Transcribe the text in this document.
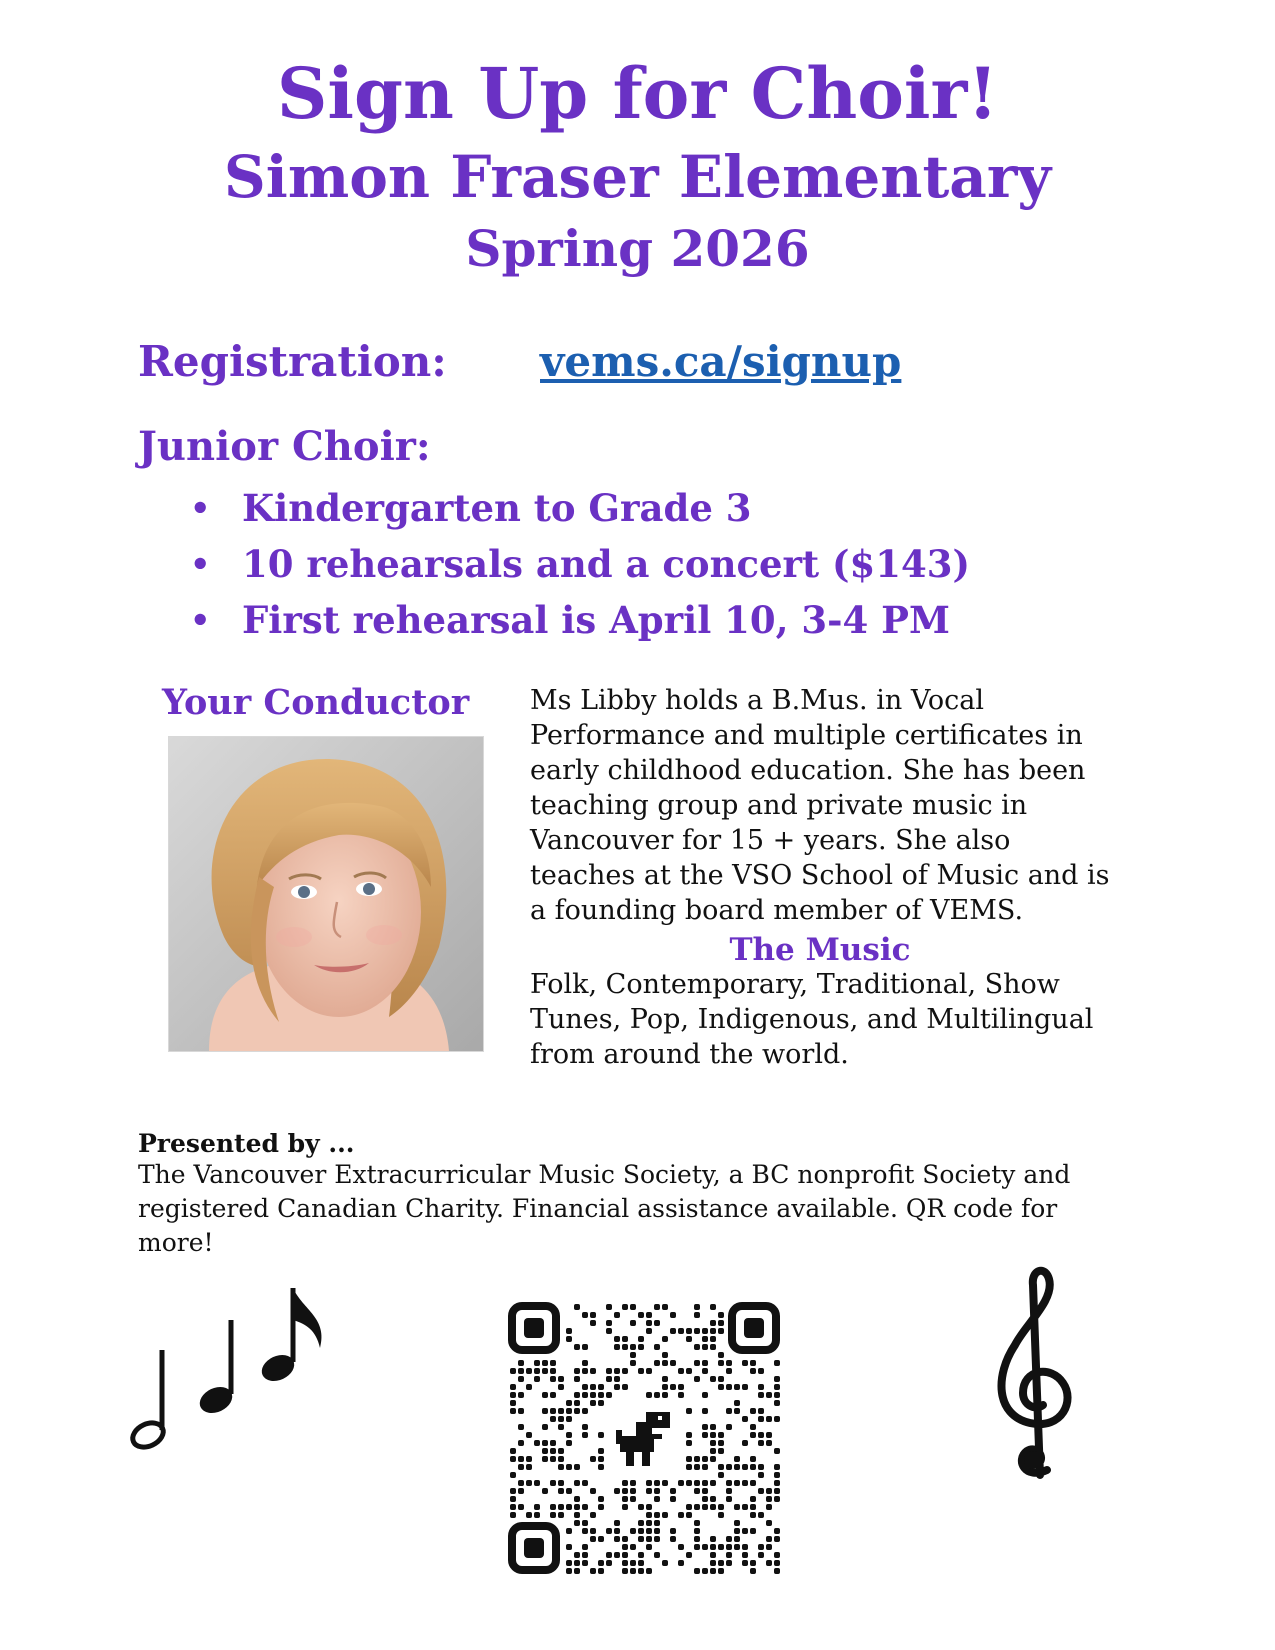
Sign Up for Choir!
Simon Fraser Elementary
Spring 2026
Registration: vems.ca/signup
Junior Choir:
• Kindergarten to Grade 3
• 10 rehearsals and a concert ($143)
• First rehearsal is April 10, 3-4 PM
Your Conductor Ms Libby holds a B.Mus. in Vocal Performance and multiple certificates in early childhood education. She has been teaching group and private music in Vancouver for 15 + years. She also teaches at the VSO School of Music and is a founding board member of VEMS.
The Music
Folk, Contemporary, Traditional, Show Tunes, Pop, Indigenous, and Multilingual from around the world.
Presented by ...
The Vancouver Extracurricular Music Society, a BC nonprofit Society and registered Canadian Charity. Financial assistance available. QR code for more!
